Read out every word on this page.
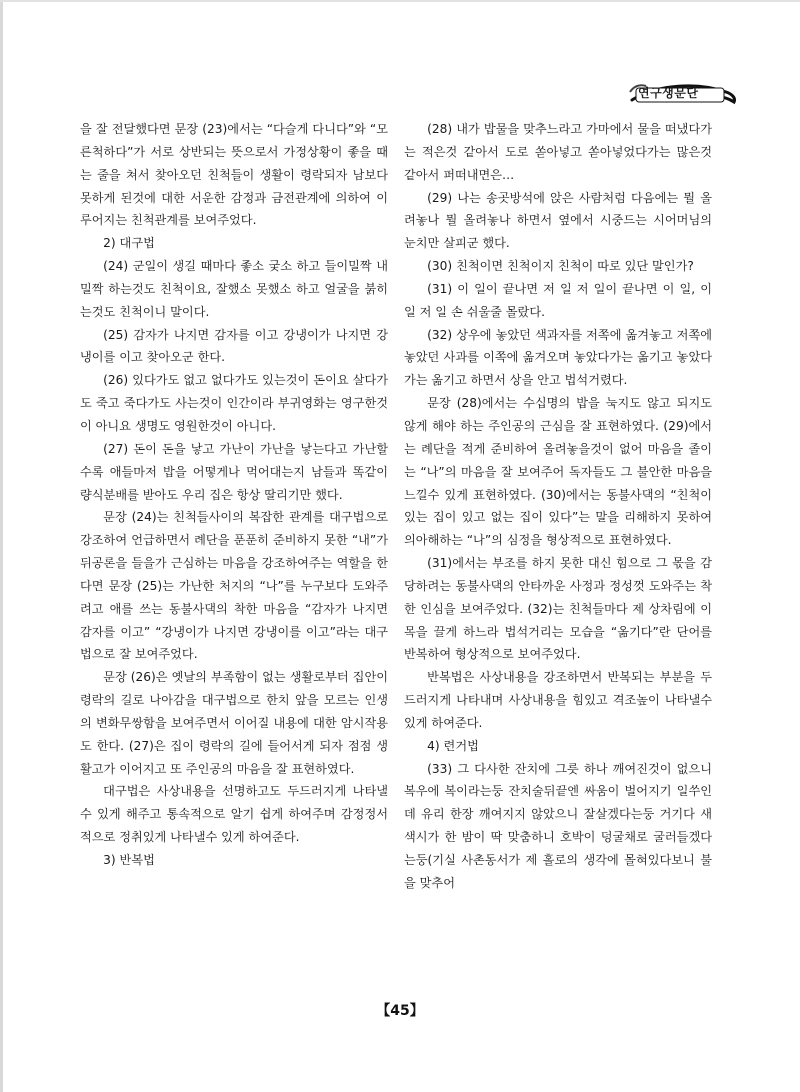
연구생문단

을 잘 전달했다면 문장 (23)에서는 “다슬게 다니다”와 “모른척하다”가 서로 상반되는 뜻으로서 가정상황이 좋을 때는 줄을 쳐서 찾아오던 친척들이 생활이 령락되자 남보다 못하게 된것에 대한 서운한 감정과 금전관계에 의하여 이루어지는 친척관계를 보여주었다.

2) 대구법

(24) 군일이 생길 때마다 좋소 궂소 하고 들이밀짝 내밀짝 하는것도 친척이요, 잘했소 못했소 하고 얼굴을 붉히는것도 친척이니 말이다.

(25) 감자가 나지면 감자를 이고 강냉이가 나지면 강냉이를 이고 찾아오군 한다.

(26) 있다가도 없고 없다가도 있는것이 돈이요 살다가도 죽고 죽다가도 사는것이 인간이라 부귀영화는 영구한것이 아니요 생명도 영원한것이 아니다.

(27) 돈이 돈을 낳고 가난이 가난을 낳는다고 가난할수록 애들마저 밥을 어떻게나 먹어대는지 남들과 똑같이 량식분배를 받아도 우리 집은 항상 딸리기만 했다.

문장 (24)는 친척들사이의 복잡한 관계를 대구법으로 강조하여 언급하면서 례단을 푼푼히 준비하지 못한 “내”가 뒤공론을 들을가 근심하는 마음을 강조하여주는 역할을 한다면 문장 (25)는 가난한 처지의 “나”를 누구보다 도와주려고 애를 쓰는 동불사댁의 착한 마음을 “감자가 나지면 감자를 이고” “강냉이가 나지면 강냉이를 이고”라는 대구법으로 잘 보여주었다.

문장 (26)은 옛날의 부족함이 없는 생활로부터 집안이 령락의 길로 나아감을 대구법으로 한치 앞을 모르는 인생의 변화무쌍함을 보여주면서 이어질 내용에 대한 암시작용도 한다. (27)은 집이 령락의 길에 들어서게 되자 점점 생활고가 이어지고 또 주인공의 마음을 잘 표현하였다.

대구법은 사상내용을 선명하고도 두드러지게 나타낼수 있게 해주고 통속적으로 알기 쉽게 하여주며 감정정서적으로 정취있게 나타낼수 있게 하여준다.

3) 반복법

(28) 내가 밥물을 맞추느라고 가마에서 물을 떠냈다가는 적은것 같아서 도로 쏟아넣고 쏟아넣었다가는 많은것 같아서 퍼떠내면은…

(29) 나는 송곳방석에 앉은 사람처럼 다음에는 뭘 올려놓나 뭘 올려놓나 하면서 옆에서 시중드는 시어머님의 눈치만 살피군 했다.

(30) 친척이면 친척이지 친척이 따로 있단 말인가?

(31) 이 일이 끝나면 저 일 저 일이 끝나면 이 일, 이 일 저 일 손 쉬울줄 몰랐다.

(32) 상우에 놓았던 색과자를 저쪽에 옮겨놓고 저쪽에 놓았던 사과를 이쪽에 옮겨오며 놓았다가는 옮기고 놓았다가는 옮기고 하면서 상을 안고 법석거렸다.

문장 (28)에서는 수십명의 밥을 눅지도 않고 되지도 않게 해야 하는 주인공의 근심을 잘 표현하였다. (29)에서는 례단을 적게 준비하여 올려놓을것이 없어 마음을 졸이는 “나”의 마음을 잘 보여주어 독자들도 그 불안한 마음을 느낄수 있게 표현하였다. (30)에서는 동불사댁의 “친척이 있는 집이 있고 없는 집이 있다”는 말을 리해하지 못하여 의아해하는 “나”의 심정을 형상적으로 표현하였다.

(31)에서는 부조를 하지 못한 대신 힘으로 그 몫을 감당하려는 동불사댁의 안타까운 사정과 정성껏 도와주는 착한 인심을 보여주었다. (32)는 친척들마다 제 상차림에 이목을 끌게 하느라 법석거리는 모습을 “옮기다”란 단어를 반복하여 형상적으로 보여주었다.

반복법은 사상내용을 강조하면서 반복되는 부분을 두드러지게 나타내며 사상내용을 힘있고 격조높이 나타낼수 있게 하여준다.

4) 련거법

(33) 그 다사한 잔치에 그릇 하나 깨여진것이 없으니 복우에 복이라는둥 잔치술뒤끝엔 싸움이 벌어지기 일쑤인데 유리 한장 깨여지지 않았으니 잘살겠다는둥 거기다 새색시가 한 밤이 딱 맞춤하니 호박이 덩굴채로 굴러들겠다는둥(기실 사촌동서가 제 홀로의 생각에 몰혀있다보니 불을 맞추어

【45】
